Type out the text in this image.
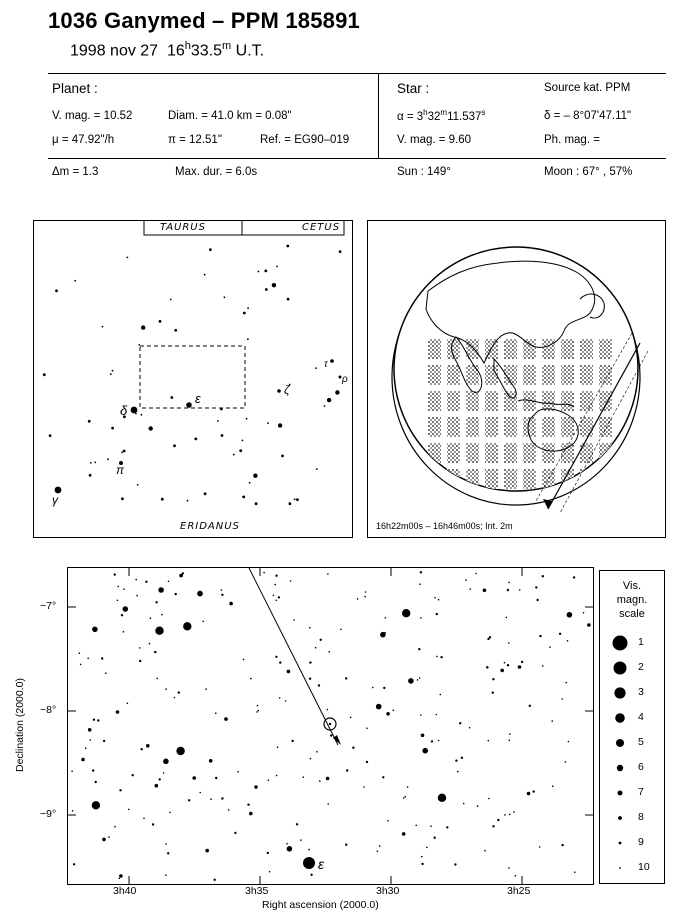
1036 Ganymed – PPM 185891
1998 nov 27 16$^h$33.5$^m$ U.T.
Planet :
V. mag. = 10.52	Diam. = 41.0 km = 0.08"
μ = 47.92"/h	π = 12.51"	Ref. = EG90–019
Star :	Source kat. PPM
$\alpha = 3^h32^m11.537^s$	δ = – 8°07'47.11"
V. mag. = 9.60	Ph. mag. =
Δm = 1.3	Max. dur. = 6.0s	Sun : 149°	Moon : 67° , 57%
δ
ε
ζ
π
γ
τ
ρ
TAURUS	CETUS
ERIDANUS	16h22m00s – 16h46m00s; Int. 2m
ε
3h40	3h35	3h30	3h25
−7°
−8°
−9°
Right ascension (2000.0)
Declination (2000.0)
Vis.
magn.
scale
1
2
3
4
5
6
7
8
9
10
